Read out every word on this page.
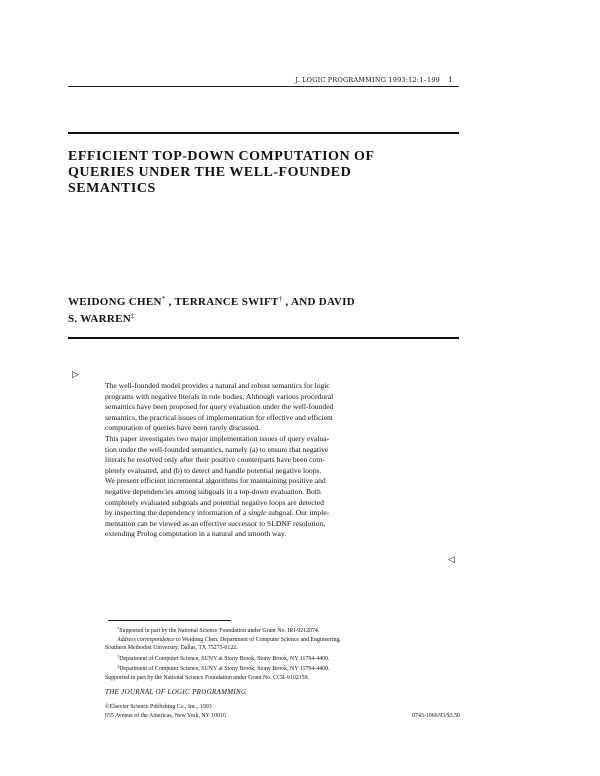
J. LOGIC PROGRAMMING 1993:12:1–199 1
EFFICIENT TOP-DOWN COMPUTATION OF
QUERIES UNDER THE WELL-FOUNDED
SEMANTICS
WEIDONG CHEN* , TERRANCE SWIFT† , AND DAVID
S. WARREN‡
▷

The well-founded model provides a natural and robust semantics for logic

programs with negative literals in rule bodies. Although various procedural

semantics have been proposed for query evaluation under the well-founded

semantics, the practical issues of implementation for effective and efficient

computation of queries have been rarely discussed.

This paper investigates two major implementation issues of query evalua-

tion under the well-founded semantics, namely (a) to ensure that negative

literals be resolved only after their positive counterparts have been com-

pletely evaluated, and (b) to detect and handle potential negative loops.

We present efficient incremental algorithms for maintaining positive and

negative dependencies among subgoals in a top-down evaluation. Both

completely evaluated subgoals and potential negative loops are detected

by inspecting the dependency information of a single subgoal. Our imple-

mentation can be viewed as an effective successor to SLDNF resolution,

extending Prolog computation in a natural and smooth way.

◁
*Supported in part by the National Science Foundation under Grant No. IRI-9212074.
Address correspondence to Weidong Chen, Department of Computer Science and Engineering,
Southern Methodist University, Dallas, TX 75275-0122.
†Department of Computer Science, SUNY at Stony Brook, Stony Brook, NY 11794-4400.
‡Department of Computer Science, SUNY at Stony Brook, Stony Brook, NY 11794-4400.
Supported in part by the National Science Foundation under Grant No. CCR-9102159.
THE JOURNAL OF LOGIC PROGRAMMING
©Elsevier Science Publishing Co., Inc., 1993
655 Avenue of the Americas, New York, NY 10010	0743-1066/93/$3.50
